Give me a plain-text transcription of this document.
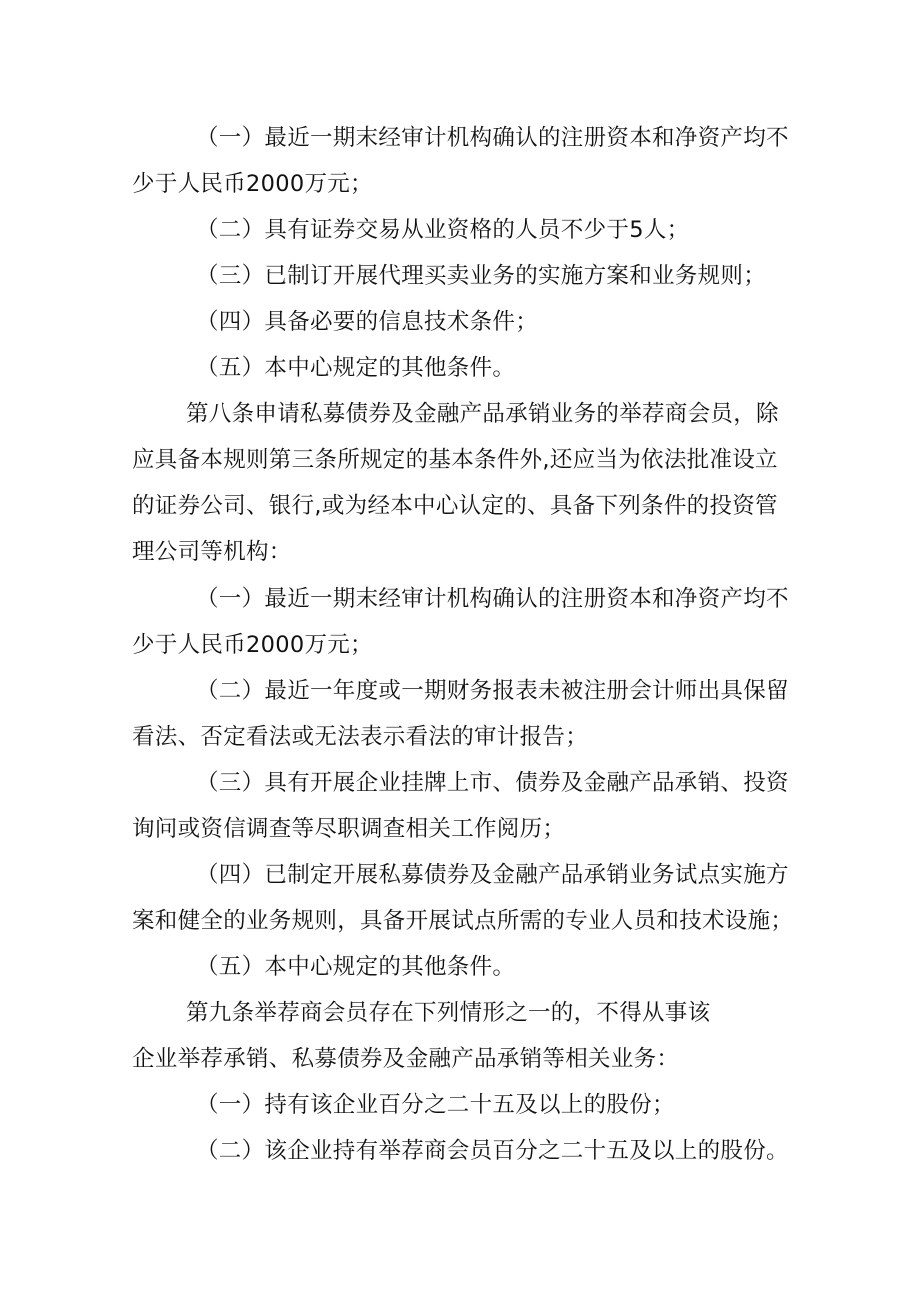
（一）最近一期末经审计机构确认的注册资本和净资产均不
少于人民币2000万元；
（二）具有证券交易从业资格的人员不少于5人；
（三）已制订开展代理买卖业务的实施方案和业务规则；
（四）具备必要的信息技术条件；
（五）本中心规定的其他条件。
第八条申请私募债券及金融产品承销业务的举荐商会员，除
应具备本规则第三条所规定的基本条件外,还应当为依法批准设立
的证券公司、银行,或为经本中心认定的、具备下列条件的投资管
理公司等机构：
（一）最近一期末经审计机构确认的注册资本和净资产均不
少于人民币2000万元；
（二）最近一年度或一期财务报表未被注册会计师出具保留
看法、否定看法或无法表示看法的审计报告；
（三）具有开展企业挂牌上市、债券及金融产品承销、投资
询问或资信调查等尽职调查相关工作阅历；
（四）已制定开展私募债券及金融产品承销业务试点实施方
案和健全的业务规则，具备开展试点所需的专业人员和技术设施；
（五）本中心规定的其他条件。
第九条举荐商会员存在下列情形之一的，不得从事该
企业举荐承销、私募债券及金融产品承销等相关业务：
（一）持有该企业百分之二十五及以上的股份；
（二）该企业持有举荐商会员百分之二十五及以上的股份。
